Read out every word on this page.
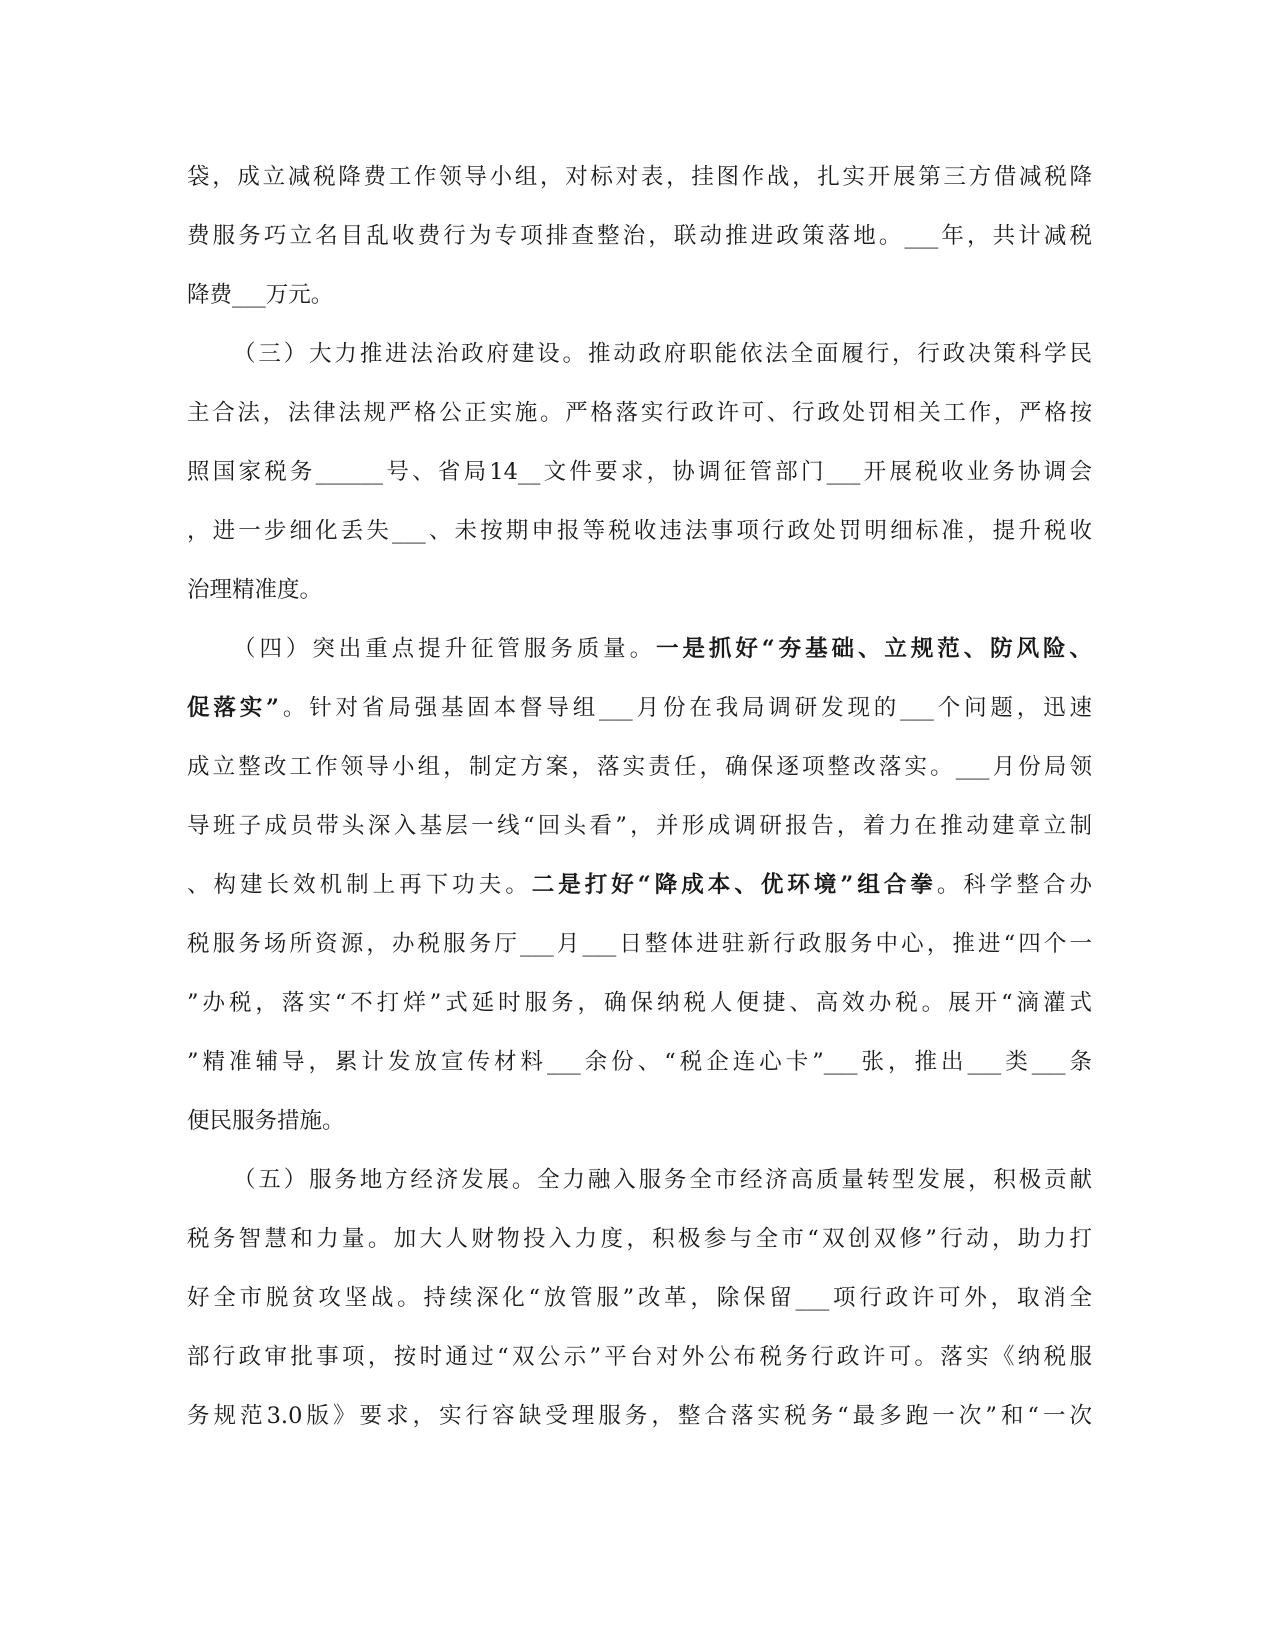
袋，成立减税降费工作领导小组，对标对表，挂图作战，扎实开展第三方借减税降
费服务巧立名目乱收费行为专项排查整治，联动推进政策落地。___年，共计减税
降费___万元。
（三）大力推进法治政府建设。推动政府职能依法全面履行，行政决策科学民
主合法，法律法规严格公正实施。严格落实行政许可、行政处罚相关工作，严格按
照国家税务______号、省局14__文件要求，协调征管部门___开展税收业务协调会
，进一步细化丢失___、未按期申报等税收违法事项行政处罚明细标准，提升税收
治理精准度。
（四）突出重点提升征管服务质量。一是抓好“夯基础、立规范、防风险、
促落实”。针对省局强基固本督导组___月份在我局调研发现的___个问题，迅速
成立整改工作领导小组，制定方案，落实责任，确保逐项整改落实。___月份局领
导班子成员带头深入基层一线“回头看”，并形成调研报告，着力在推动建章立制
、构建长效机制上再下功夫。二是打好“降成本、优环境”组合拳。科学整合办
税服务场所资源，办税服务厅___月___日整体进驻新行政服务中心，推进“四个一
”办税，落实“不打烊”式延时服务，确保纳税人便捷、高效办税。展开“滴灌式
”精准辅导，累计发放宣传材料___余份、“税企连心卡”___张，推出___类___条
便民服务措施。
（五）服务地方经济发展。全力融入服务全市经济高质量转型发展，积极贡献
税务智慧和力量。加大人财物投入力度，积极参与全市“双创双修”行动，助力打
好全市脱贫攻坚战。持续深化“放管服”改革，除保留___项行政许可外，取消全
部行政审批事项，按时通过“双公示”平台对外公布税务行政许可。落实《纳税服
务规范3.0版》要求，实行容缺受理服务，整合落实税务“最多跑一次”和“一次
